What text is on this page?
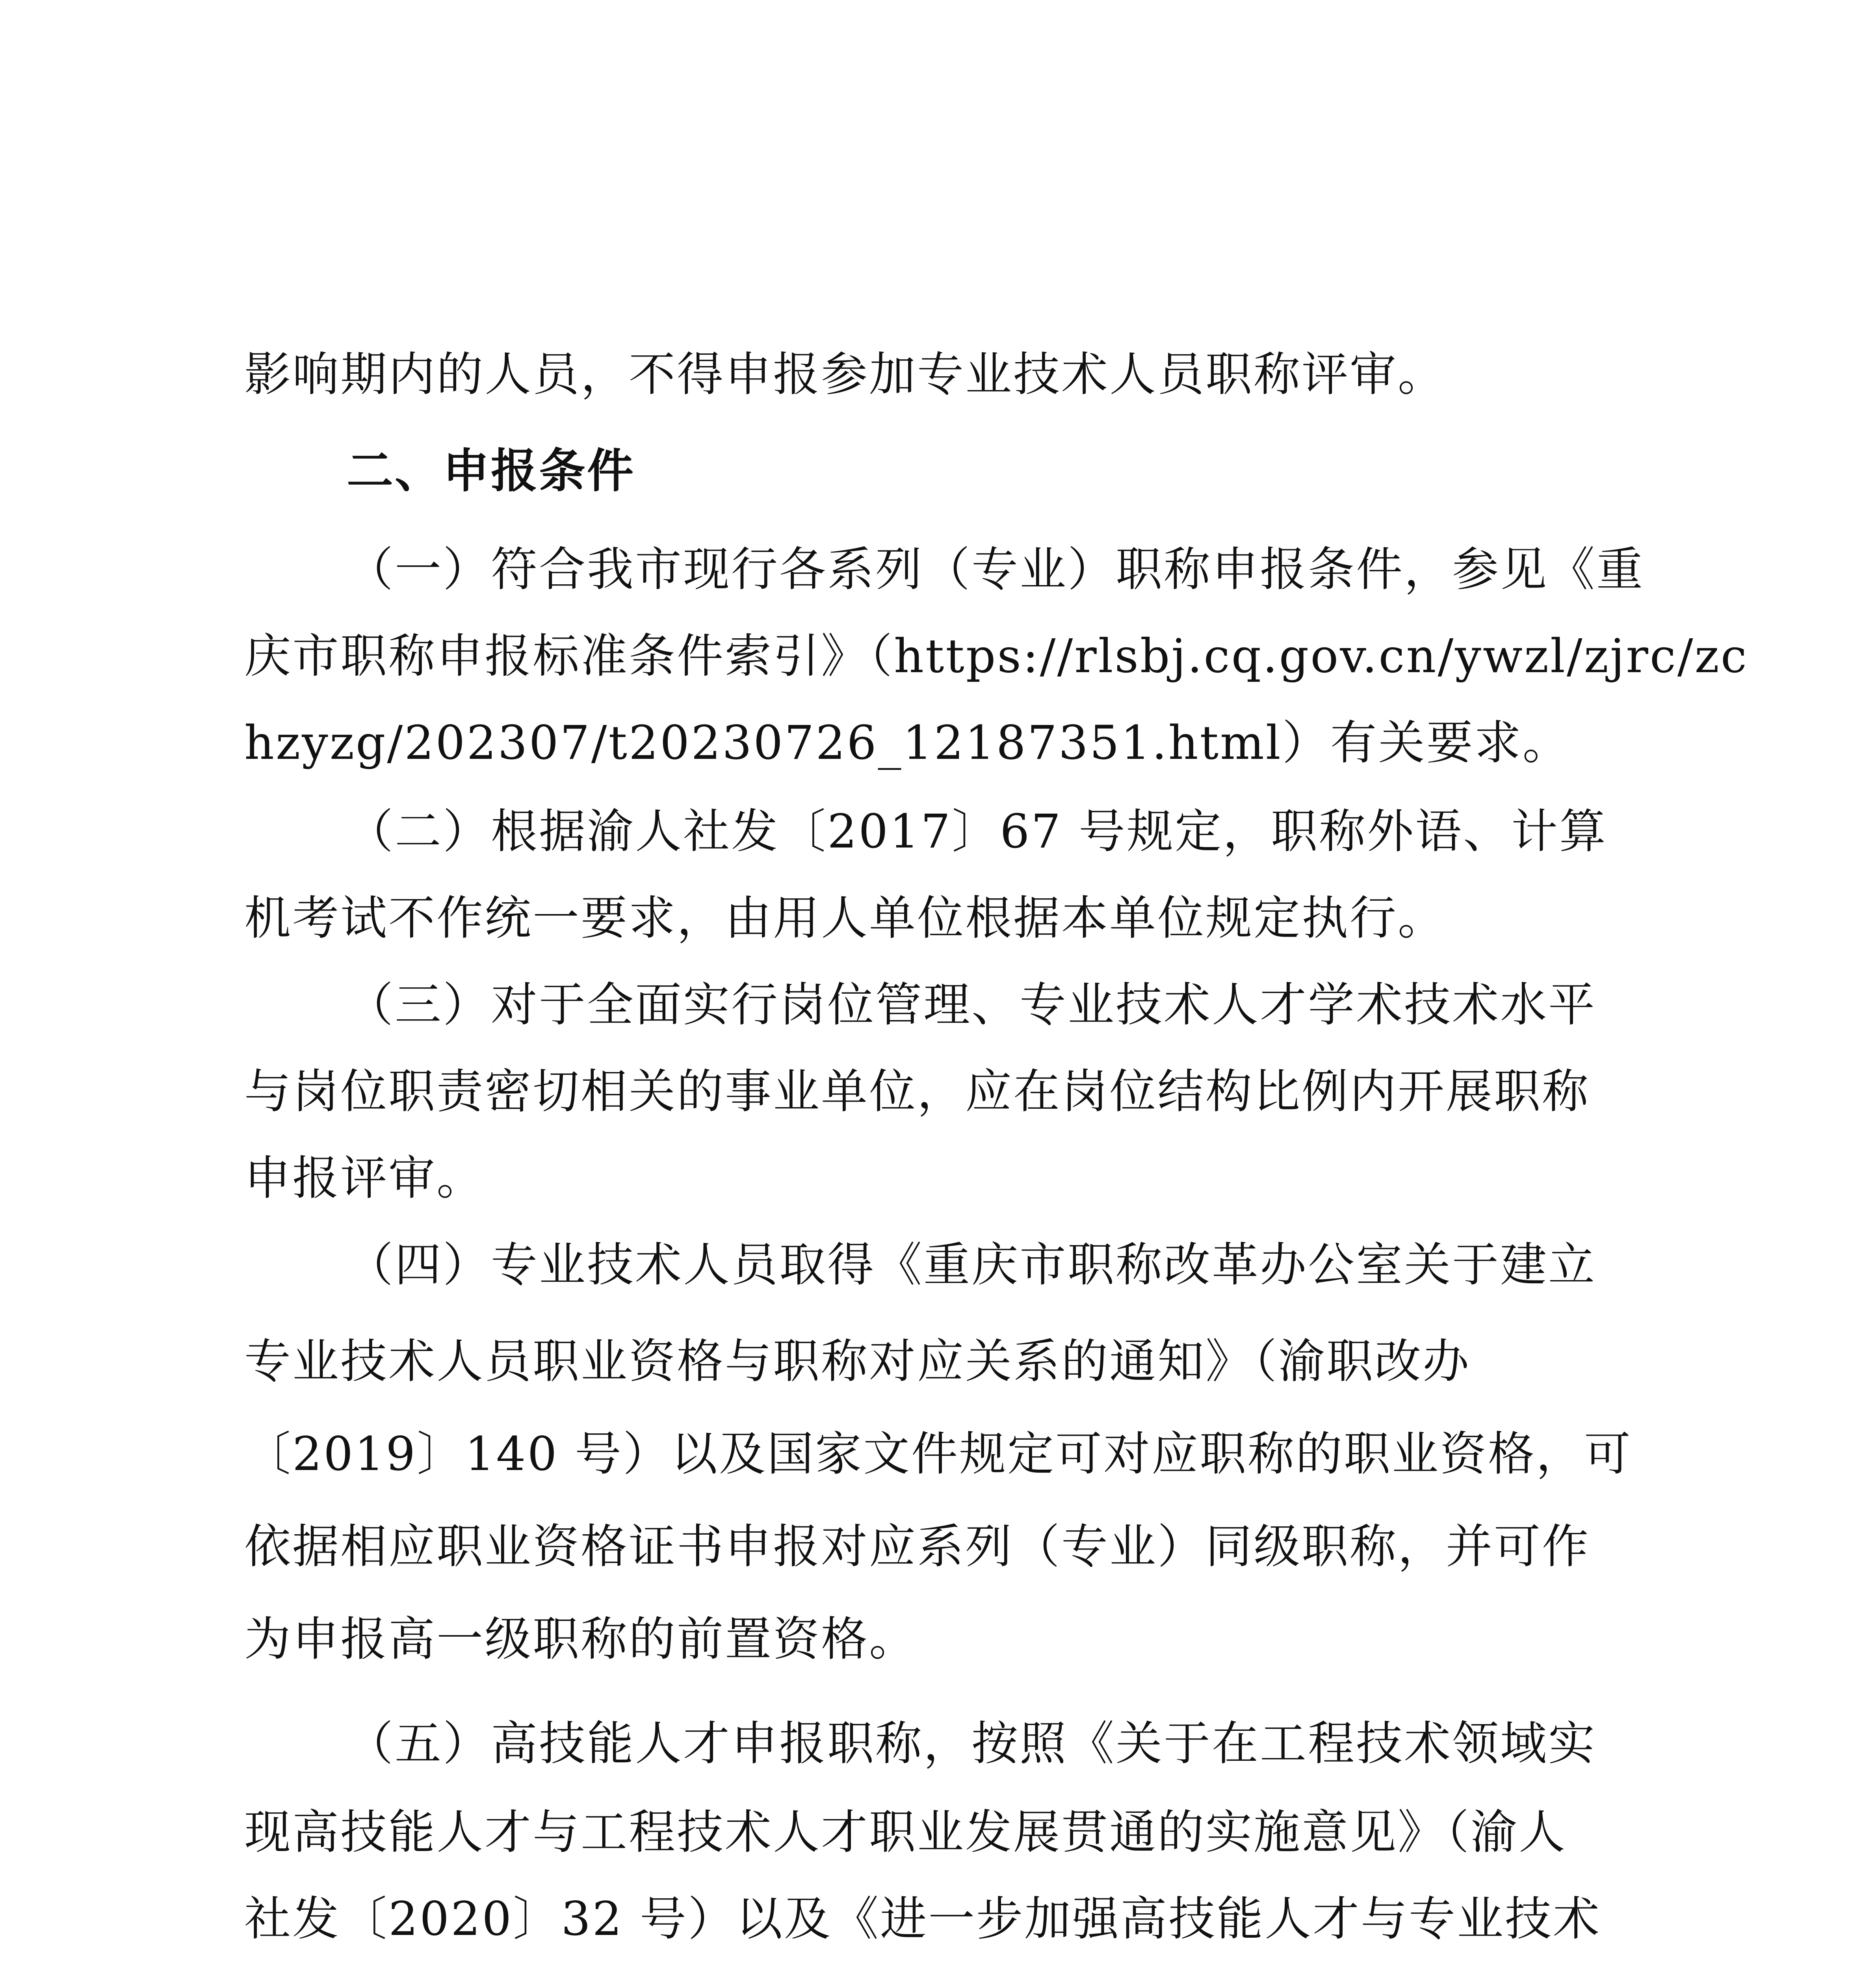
影响期内的人员，不得申报参加专业技术人员职称评审。
二、申报条件
（一）符合我市现行各系列（专业）职称申报条件，参见《重
庆市职称申报标准条件索引》（https://rlsbj.cq.gov.cn/ywzl/zjrc/zc
hzyzg/202307/t20230726_12187351.html）有关要求。
（二）根据渝人社发〔2017〕67 号规定，职称外语、计算
机考试不作统一要求，由用人单位根据本单位规定执行。
（三）对于全面实行岗位管理、专业技术人才学术技术水平
与岗位职责密切相关的事业单位，应在岗位结构比例内开展职称
申报评审。
（四）专业技术人员取得《重庆市职称改革办公室关于建立
专业技术人员职业资格与职称对应关系的通知》（渝职改办
〔2019〕140 号）以及国家文件规定可对应职称的职业资格，可
依据相应职业资格证书申报对应系列（专业）同级职称，并可作
为申报高一级职称的前置资格。
（五）高技能人才申报职称，按照《关于在工程技术领域实
现高技能人才与工程技术人才职业发展贯通的实施意见》（渝人
社发〔2020〕32 号）以及《进一步加强高技能人才与专业技术
